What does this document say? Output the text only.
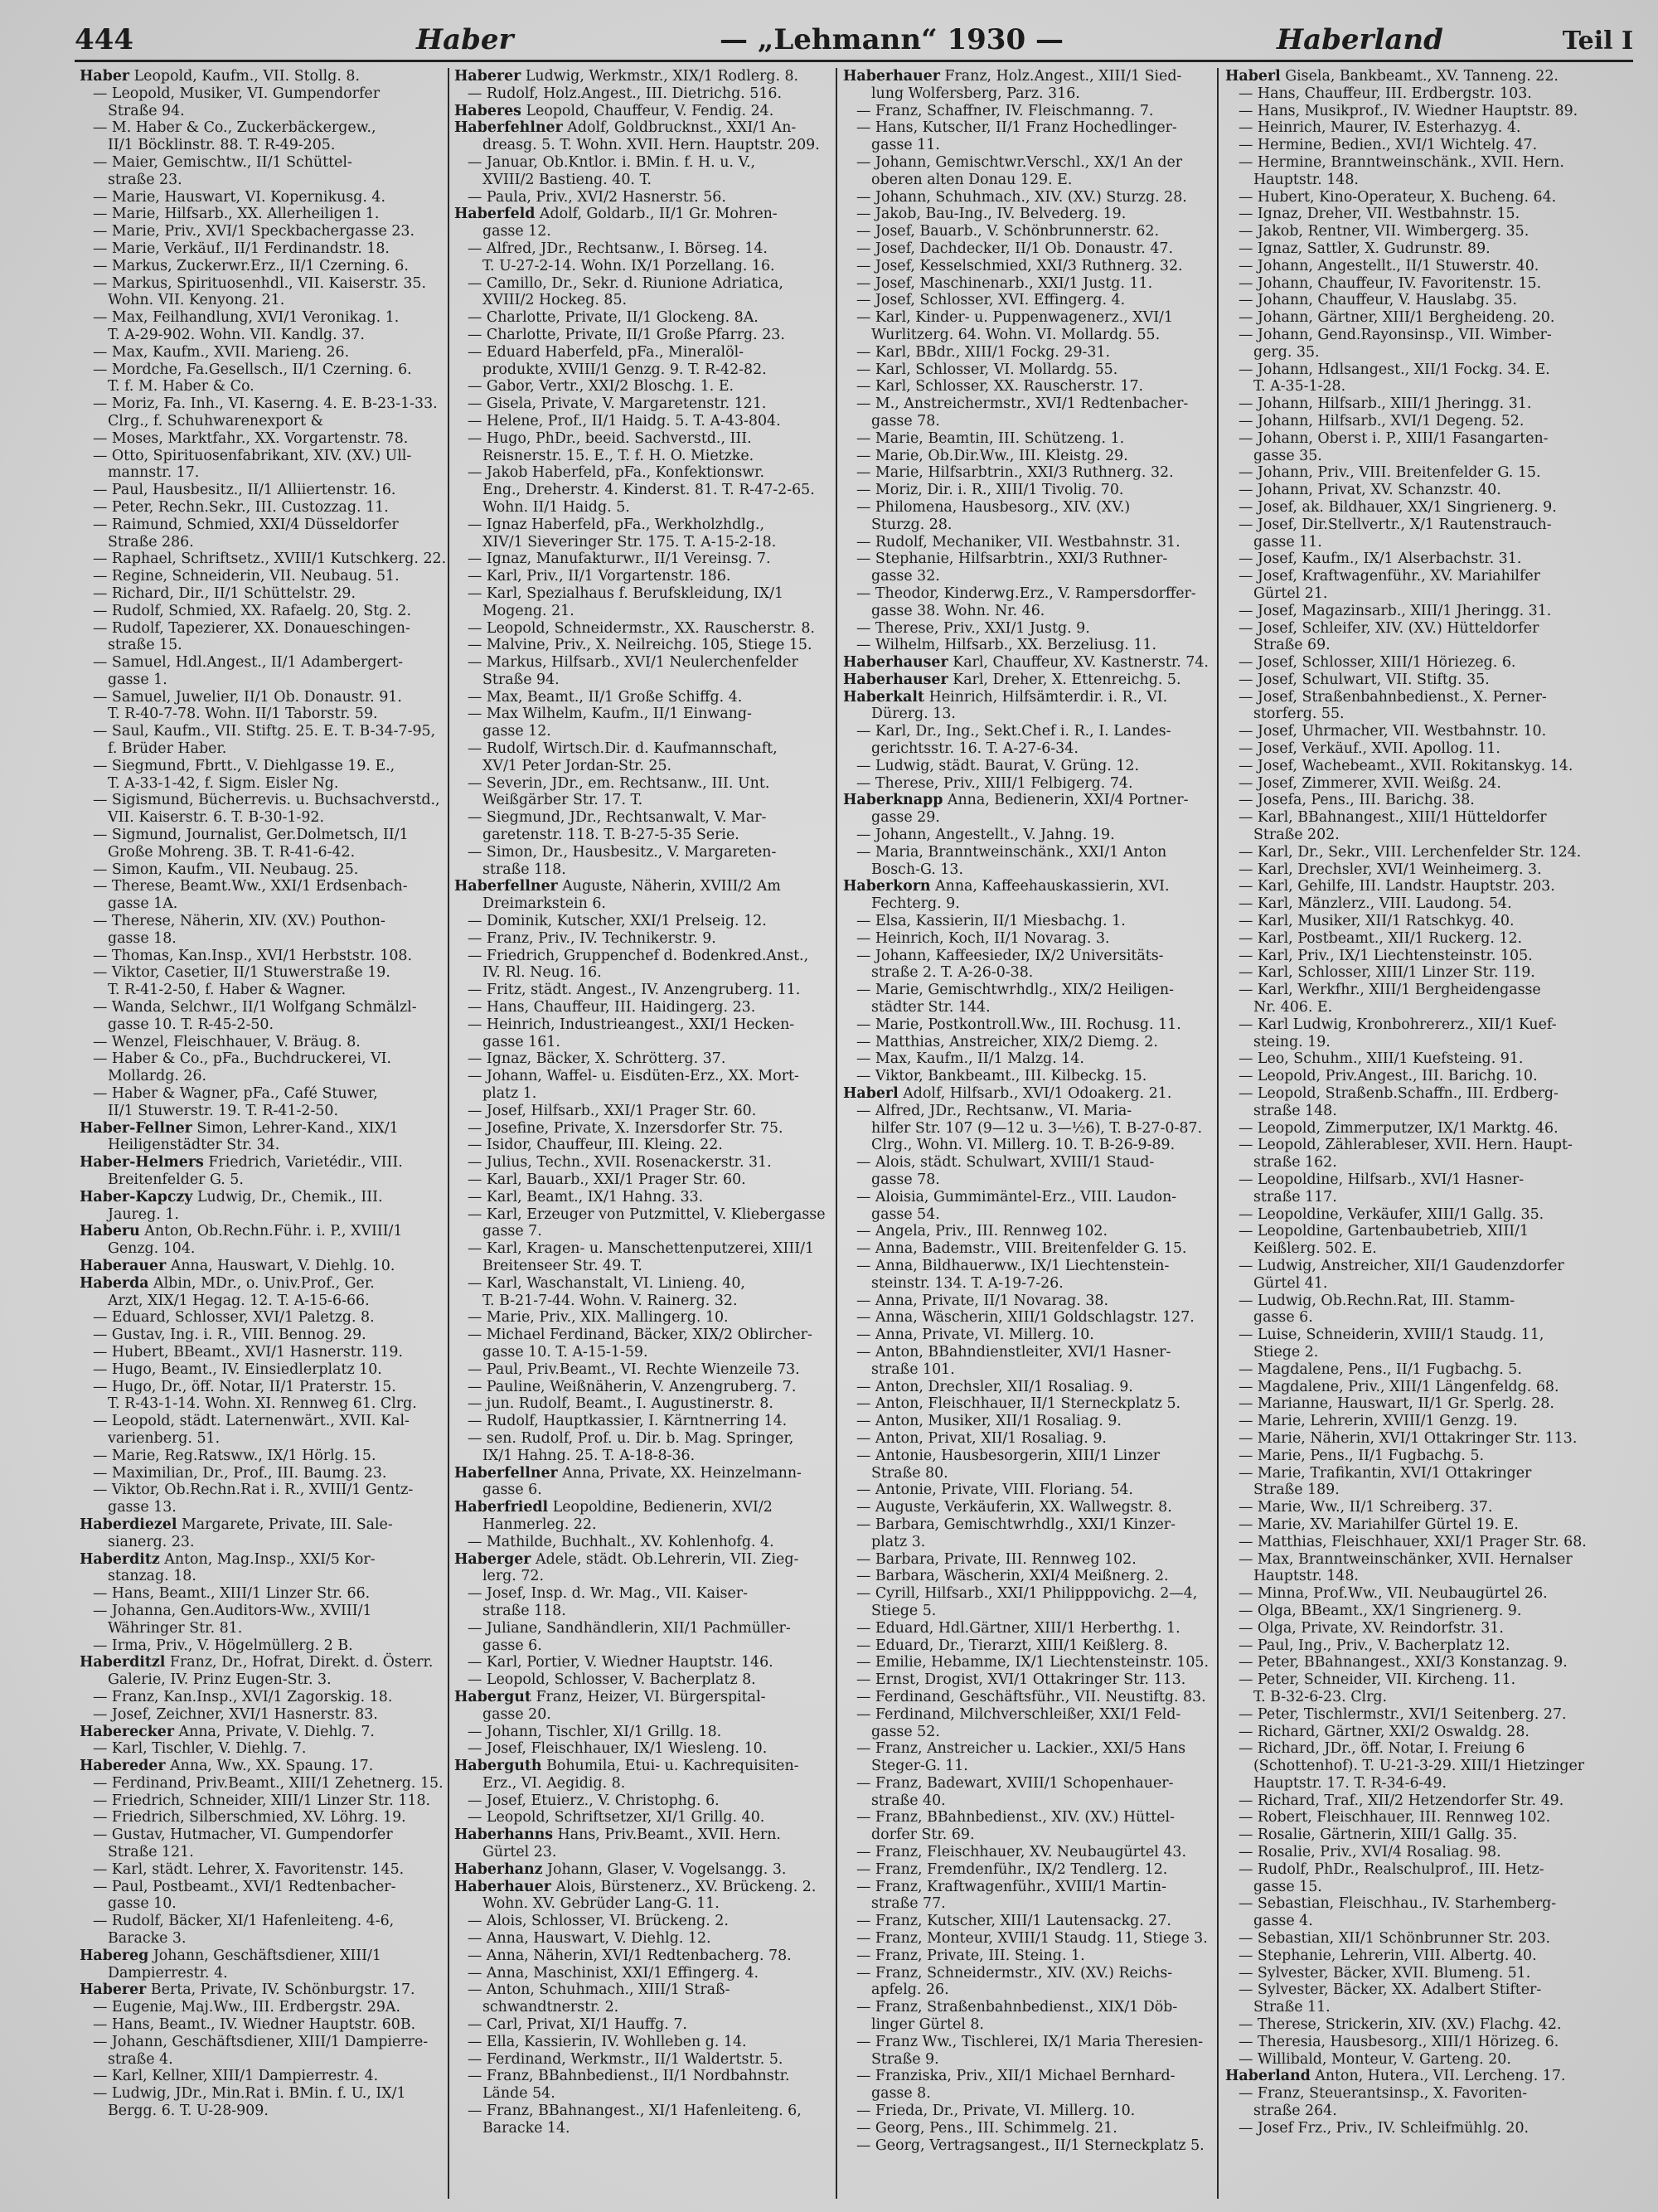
444	Haber	— „Lehmann“ 1930 —	Haberland	Teil I
Haber Leopold, Kaufm., VII. Stollg. 8.
— Leopold, Musiker, VI. Gumpendorfer
Straße 94.
— M. Haber & Co., Zuckerbäckergew.,
II/1 Böcklinstr. 88. T. R-49-205.
— Maier, Gemischtw., II/1 Schüttel-
straße 23.
— Marie, Hauswart, VI. Kopernikusg. 4.
— Marie, Hilfsarb., XX. Allerheiligen 1.
— Marie, Priv., XVI/1 Speckbachergasse 23.
— Marie, Verkäuf., II/1 Ferdinandstr. 18.
— Markus, Zuckerwr.Erz., II/1 Czerning. 6.
— Markus, Spirituosenhdl., VII. Kaiserstr. 35.
Wohn. VII. Kenyong. 21.
— Max, Feilhandlung, XVI/1 Veronikag. 1.
T. A-29-902. Wohn. VII. Kandlg. 37.
— Max, Kaufm., XVII. Marieng. 26.
— Mordche, Fa.Gesellsch., II/1 Czerning. 6.
T. f. M. Haber & Co.
— Moriz, Fa. Inh., VI. Kaserng. 4. E. B-23-1-33.
Clrg., f. Schuhwarenexport &
— Moses, Marktfahr., XX. Vorgartenstr. 78.
— Otto, Spirituosenfabrikant, XIV. (XV.) Ull-
mannstr. 17.
— Paul, Hausbesitz., II/1 Alliiertenstr. 16.
— Peter, Rechn.Sekr., III. Custozzag. 11.
— Raimund, Schmied, XXI/4 Düsseldorfer
Straße 286.
— Raphael, Schriftsetz., XVIII/1 Kutschkerg. 22.
— Regine, Schneiderin, VII. Neubaug. 51.
— Richard, Dir., II/1 Schüttelstr. 29.
— Rudolf, Schmied, XX. Rafaelg. 20, Stg. 2.
— Rudolf, Tapezierer, XX. Donaueschingen-
straße 15.
— Samuel, Hdl.Angest., II/1 Adambergert-
gasse 1.
— Samuel, Juwelier, II/1 Ob. Donaustr. 91.
T. R-40-7-78. Wohn. II/1 Taborstr. 59.
— Saul, Kaufm., VII. Stiftg. 25. E. T. B-34-7-95,
f. Brüder Haber.
— Siegmund, Fbrtt., V. Diehlgasse 19. E.,
T. A-33-1-42, f. Sigm. Eisler Ng.
— Sigismund, Bücherrevis. u. Buchsachverstd.,
VII. Kaiserstr. 6. T. B-30-1-92.
— Sigmund, Journalist, Ger.Dolmetsch, II/1
Große Mohreng. 3B. T. R-41-6-42.
— Simon, Kaufm., VII. Neubaug. 25.
— Therese, Beamt.Ww., XXI/1 Erdsenbach-
gasse 1A.
— Therese, Näherin, XIV. (XV.) Pouthon-
gasse 18.
— Thomas, Kan.Insp., XVI/1 Herbststr. 108.
— Viktor, Casetier, II/1 Stuwerstraße 19.
T. R-41-2-50, f. Haber & Wagner.
— Wanda, Selchwr., II/1 Wolfgang Schmälzl-
gasse 10. T. R-45-2-50.
— Wenzel, Fleischhauer, V. Bräug. 8.
— Haber & Co., pFa., Buchdruckerei, VI.
Mollardg. 26.
— Haber & Wagner, pFa., Café Stuwer,
II/1 Stuwerstr. 19. T. R-41-2-50.
Haber-Fellner Simon, Lehrer-Kand., XIX/1
Heiligenstädter Str. 34.
Haber-Helmers Friedrich, Varietédir., VIII.
Breitenfelder G. 5.
Haber-Kapczy Ludwig, Dr., Chemik., III.
Jaureg. 1.
Haberu Anton, Ob.Rechn.Führ. i. P., XVIII/1
Genzg. 104.
Haberauer Anna, Hauswart, V. Diehlg. 10.
Haberda Albin, MDr., o. Univ.Prof., Ger.
Arzt, XIX/1 Hegag. 12. T. A-15-6-66.
— Eduard, Schlosser, XVI/1 Paletzg. 8.
— Gustav, Ing. i. R., VIII. Bennog. 29.
— Hubert, BBeamt., XVI/1 Hasnerstr. 119.
— Hugo, Beamt., IV. Einsiedlerplatz 10.
— Hugo, Dr., öff. Notar, II/1 Praterstr. 15.
T. R-43-1-14. Wohn. XI. Rennweg 61. Clrg.
— Leopold, städt. Laternenwärt., XVII. Kal-
varienberg. 51.
— Marie, Reg.Ratsww., IX/1 Hörlg. 15.
— Maximilian, Dr., Prof., III. Baumg. 23.
— Viktor, Ob.Rechn.Rat i. R., XVIII/1 Gentz-
gasse 13.
Haberdiezel Margarete, Private, III. Sale-
sianerg. 23.
Haberditz Anton, Mag.Insp., XXI/5 Kor-
stanzag. 18.
— Hans, Beamt., XIII/1 Linzer Str. 66.
— Johanna, Gen.Auditors-Ww., XVIII/1
Währinger Str. 81.
— Irma, Priv., V. Högelmüllerg. 2 B.
Haberditzl Franz, Dr., Hofrat, Direkt. d. Österr.
Galerie, IV. Prinz Eugen-Str. 3.
— Franz, Kan.Insp., XVI/1 Zagorskig. 18.
— Josef, Zeichner, XVI/1 Hasnerstr. 83.
Haberecker Anna, Private, V. Diehlg. 7.
— Karl, Tischler, V. Diehlg. 7.
Habereder Anna, Ww., XX. Spaung. 17.
— Ferdinand, Priv.Beamt., XIII/1 Zehetnerg. 15.
— Friedrich, Schneider, XIII/1 Linzer Str. 118.
— Friedrich, Silberschmied, XV. Löhrg. 19.
— Gustav, Hutmacher, VI. Gumpendorfer
Straße 121.
— Karl, städt. Lehrer, X. Favoritenstr. 145.
— Paul, Postbeamt., XVI/1 Redtenbacher-
gasse 10.
— Rudolf, Bäcker, XI/1 Hafenleiteng. 4-6,
Baracke 3.
Habereg Johann, Geschäftsdiener, XIII/1
Dampierrestr. 4.
Haberer Berta, Private, IV. Schönburgstr. 17.
— Eugenie, Maj.Ww., III. Erdbergstr. 29A.
— Hans, Beamt., IV. Wiedner Hauptstr. 60B.
— Johann, Geschäftsdiener, XIII/1 Dampierre-
straße 4.
— Karl, Kellner, XIII/1 Dampierrestr. 4.
— Ludwig, JDr., Min.Rat i. BMin. f. U., IX/1
Bergg. 6. T. U-28-909.
Haberer Ludwig, Werkmstr., XIX/1 Rodlerg. 8.
— Rudolf, Holz.Angest., III. Dietrichg. 516.
Haberes Leopold, Chauffeur, V. Fendig. 24.
Haberfehlner Adolf, Goldbrucknst., XXI/1 An-
dreasg. 5. T. Wohn. XVII. Hern. Hauptstr. 209.
— Januar, Ob.Kntlor. i. BMin. f. H. u. V.,
XVIII/2 Bastieng. 40. T.
— Paula, Priv., XVI/2 Hasnerstr. 56.
Haberfeld Adolf, Goldarb., II/1 Gr. Mohren-
gasse 12.
— Alfred, JDr., Rechtsanw., I. Börseg. 14.
T. U-27-2-14. Wohn. IX/1 Porzellang. 16.
— Camillo, Dr., Sekr. d. Riunione Adriatica,
XVIII/2 Hockeg. 85.
— Charlotte, Private, II/1 Glockeng. 8A.
— Charlotte, Private, II/1 Große Pfarrg. 23.
— Eduard Haberfeld, pFa., Mineralöl-
produkte, XVIII/1 Genzg. 9. T. R-42-82.
— Gabor, Vertr., XXI/2 Bloschg. 1. E.
— Gisela, Private, V. Margaretenstr. 121.
— Helene, Prof., II/1 Haidg. 5. T. A-43-804.
— Hugo, PhDr., beeid. Sachverstd., III.
Reisnerstr. 15. E., T. f. H. O. Mietzke.
— Jakob Haberfeld, pFa., Konfektionswr.
Eng., Dreherstr. 4. Kinderst. 81. T. R-47-2-65.
Wohn. II/1 Haidg. 5.
— Ignaz Haberfeld, pFa., Werkholzhdlg.,
XIV/1 Sieveringer Str. 175. T. A-15-2-18.
— Ignaz, Manufakturwr., II/1 Vereinsg. 7.
— Karl, Priv., II/1 Vorgartenstr. 186.
— Karl, Spezialhaus f. Berufskleidung, IX/1
Mogeng. 21.
— Leopold, Schneidermstr., XX. Rauscherstr. 8.
— Malvine, Priv., X. Neilreichg. 105, Stiege 15.
— Markus, Hilfsarb., XVI/1 Neulerchenfelder
Straße 94.
— Max, Beamt., II/1 Große Schiffg. 4.
— Max Wilhelm, Kaufm., II/1 Einwang-
gasse 12.
— Rudolf, Wirtsch.Dir. d. Kaufmannschaft,
XV/1 Peter Jordan-Str. 25.
— Severin, JDr., em. Rechtsanw., III. Unt.
Weißgärber Str. 17. T.
— Siegmund, JDr., Rechtsanwalt, V. Mar-
garetenstr. 118. T. B-27-5-35 Serie.
— Simon, Dr., Hausbesitz., V. Margareten-
straße 118.
Haberfellner Auguste, Näherin, XVIII/2 Am
Dreimarkstein 6.
— Dominik, Kutscher, XXI/1 Prelseig. 12.
— Franz, Priv., IV. Technikerstr. 9.
— Friedrich, Gruppenchef d. Bodenkred.Anst.,
IV. Rl. Neug. 16.
— Fritz, städt. Angest., IV. Anzengruberg. 11.
— Hans, Chauffeur, III. Haidingerg. 23.
— Heinrich, Industrieangest., XXI/1 Hecken-
gasse 161.
— Ignaz, Bäcker, X. Schrötterg. 37.
— Johann, Waffel- u. Eisdüten-Erz., XX. Mort-
platz 1.
— Josef, Hilfsarb., XXI/1 Prager Str. 60.
— Josefine, Private, X. Inzersdorfer Str. 75.
— Isidor, Chauffeur, III. Kleing. 22.
— Julius, Techn., XVII. Rosenackerstr. 31.
— Karl, Bauarb., XXI/1 Prager Str. 60.
— Karl, Beamt., IX/1 Hahng. 33.
— Karl, Erzeuger von Putzmittel, V. Kliebergasse
gasse 7.
— Karl, Kragen- u. Manschettenputzerei, XIII/1
Breitenseer Str. 49. T.
— Karl, Waschanstalt, VI. Linieng. 40,
T. B-21-7-44. Wohn. V. Rainerg. 32.
— Marie, Priv., XIX. Mallingerg. 10.
— Michael Ferdinand, Bäcker, XIX/2 Oblircher-
gasse 10. T. A-15-1-59.
— Paul, Priv.Beamt., VI. Rechte Wienzeile 73.
— Pauline, Weißnäherin, V. Anzengruberg. 7.
— jun. Rudolf, Beamt., I. Augustinerstr. 8.
— Rudolf, Hauptkassier, I. Kärntnerring 14.
— sen. Rudolf, Prof. u. Dir. b. Mag. Springer,
IX/1 Hahng. 25. T. A-18-8-36.
Haberfellner Anna, Private, XX. Heinzelmann-
gasse 6.
Haberfriedl Leopoldine, Bedienerin, XVI/2
Hanmerleg. 22.
— Mathilde, Buchhalt., XV. Kohlenhofg. 4.
Haberger Adele, städt. Ob.Lehrerin, VII. Zieg-
lerg. 72.
— Josef, Insp. d. Wr. Mag., VII. Kaiser-
straße 118.
— Juliane, Sandhändlerin, XII/1 Pachmüller-
gasse 6.
— Karl, Portier, V. Wiedner Hauptstr. 146.
— Leopold, Schlosser, V. Bacherplatz 8.
Habergut Franz, Heizer, VI. Bürgerspital-
gasse 20.
— Johann, Tischler, XI/1 Grillg. 18.
— Josef, Fleischhauer, IX/1 Wiesleng. 10.
Haberguth Bohumila, Etui- u. Kachrequisiten-
Erz., VI. Aegidig. 8.
— Josef, Etuierz., V. Christophg. 6.
— Leopold, Schriftsetzer, XI/1 Grillg. 40.
Haberhanns Hans, Priv.Beamt., XVII. Hern.
Gürtel 23.
Haberhanz Johann, Glaser, V. Vogelsangg. 3.
Haberhauer Alois, Bürstenerz., XV. Brückeng. 2.
Wohn. XV. Gebrüder Lang-G. 11.
— Alois, Schlosser, VI. Brückeng. 2.
— Anna, Hauswart, V. Diehlg. 12.
— Anna, Näherin, XVI/1 Redtenbacherg. 78.
— Anna, Maschinist, XXI/1 Effingerg. 4.
— Anton, Schuhmach., XIII/1 Straß-
schwandtnerstr. 2.
— Carl, Privat, XI/1 Hauffg. 7.
— Ella, Kassierin, IV. Wohlleben g. 14.
— Ferdinand, Werkmstr., II/1 Waldertstr. 5.
— Franz, BBahnbedienst., II/1 Nordbahnstr.
Lände 54.
— Franz, BBahnangest., XI/1 Hafenleiteng. 6,
Baracke 14.
Haberhauer Franz, Holz.Angest., XIII/1 Sied-
lung Wolfersberg, Parz. 316.
— Franz, Schaffner, IV. Fleischmanng. 7.
— Hans, Kutscher, II/1 Franz Hochedlinger-
gasse 11.
— Johann, Gemischtwr.Verschl., XX/1 An der
oberen alten Donau 129. E.
— Johann, Schuhmach., XIV. (XV.) Sturzg. 28.
— Jakob, Bau-Ing., IV. Belvederg. 19.
— Josef, Bauarb., V. Schönbrunnerstr. 62.
— Josef, Dachdecker, II/1 Ob. Donaustr. 47.
— Josef, Kesselschmied, XXI/3 Ruthnerg. 32.
— Josef, Maschinenarb., XXI/1 Justg. 11.
— Josef, Schlosser, XVI. Effingerg. 4.
— Karl, Kinder- u. Puppenwagenerz., XVI/1
Wurlitzerg. 64. Wohn. VI. Mollardg. 55.
— Karl, BBdr., XIII/1 Fockg. 29-31.
— Karl, Schlosser, VI. Mollardg. 55.
— Karl, Schlosser, XX. Rauscherstr. 17.
— M., Anstreichermstr., XVI/1 Redtenbacher-
gasse 78.
— Marie, Beamtin, III. Schützeng. 1.
— Marie, Ob.Dir.Ww., III. Kleistg. 29.
— Marie, Hilfsarbtrin., XXI/3 Ruthnerg. 32.
— Moriz, Dir. i. R., XIII/1 Tivolig. 70.
— Philomena, Hausbesorg., XIV. (XV.)
Sturzg. 28.
— Rudolf, Mechaniker, VII. Westbahnstr. 31.
— Stephanie, Hilfsarbtrin., XXI/3 Ruthner-
gasse 32.
— Theodor, Kinderwg.Erz., V. Rampersdorffer-
gasse 38. Wohn. Nr. 46.
— Therese, Priv., XXI/1 Justg. 9.
— Wilhelm, Hilfsarb., XX. Berzeliusg. 11.
Haberhauser Karl, Chauffeur, XV. Kastnerstr. 74.
Haberhauser Karl, Dreher, X. Ettenreichg. 5.
Haberkalt Heinrich, Hilfsämterdir. i. R., VI.
Dürerg. 13.
— Karl, Dr., Ing., Sekt.Chef i. R., I. Landes-
gerichtsstr. 16. T. A-27-6-34.
— Ludwig, städt. Baurat, V. Grüng. 12.
— Therese, Priv., XIII/1 Felbigerg. 74.
Haberknapp Anna, Bedienerin, XXI/4 Portner-
gasse 29.
— Johann, Angestellt., V. Jahng. 19.
— Maria, Branntweinschänk., XXI/1 Anton
Bosch-G. 13.
Haberkorn Anna, Kaffeehauskassierin, XVI.
Fechterg. 9.
— Elsa, Kassierin, II/1 Miesbachg. 1.
— Heinrich, Koch, II/1 Novarag. 3.
— Johann, Kaffeesieder, IX/2 Universitäts-
straße 2. T. A-26-0-38.
— Marie, Gemischtwrhdlg., XIX/2 Heiligen-
städter Str. 144.
— Marie, Postkontroll.Ww., III. Rochusg. 11.
— Matthias, Anstreicher, XIX/2 Diemg. 2.
— Max, Kaufm., II/1 Malzg. 14.
— Viktor, Bankbeamt., III. Kilbeckg. 15.
Haberl Adolf, Hilfsarb., XVI/1 Odoakerg. 21.
— Alfred, JDr., Rechtsanw., VI. Maria-
hilfer Str. 107 (9—12 u. 3—½6), T. B-27-0-87.
Clrg., Wohn. VI. Millerg. 10. T. B-26-9-89.
— Alois, städt. Schulwart, XVIII/1 Staud-
gasse 78.
— Aloisia, Gummimäntel-Erz., VIII. Laudon-
gasse 54.
— Angela, Priv., III. Rennweg 102.
— Anna, Bademstr., VIII. Breitenfelder G. 15.
— Anna, Bildhauerww., IX/1 Liechtenstein-
steinstr. 134. T. A-19-7-26.
— Anna, Private, II/1 Novarag. 38.
— Anna, Wäscherin, XIII/1 Goldschlagstr. 127.
— Anna, Private, VI. Millerg. 10.
— Anton, BBahndienstleiter, XVI/1 Hasner-
straße 101.
— Anton, Drechsler, XII/1 Rosaliag. 9.
— Anton, Fleischhauer, II/1 Sterneckplatz 5.
— Anton, Musiker, XII/1 Rosaliag. 9.
— Anton, Privat, XII/1 Rosaliag. 9.
— Antonie, Hausbesorgerin, XIII/1 Linzer
Straße 80.
— Antonie, Private, VIII. Floriang. 54.
— Auguste, Verkäuferin, XX. Wallwegstr. 8.
— Barbara, Gemischtwrhdlg., XXI/1 Kinzer-
platz 3.
— Barbara, Private, III. Rennweg 102.
— Barbara, Wäscherin, XXI/4 Meißnerg. 2.
— Cyrill, Hilfsarb., XXI/1 Philipppovichg. 2—4,
Stiege 5.
— Eduard, Hdl.Gärtner, XIII/1 Herberthg. 1.
— Eduard, Dr., Tierarzt, XIII/1 Keißlerg. 8.
— Emilie, Hebamme, IX/1 Liechtensteinstr. 105.
— Ernst, Drogist, XVI/1 Ottakringer Str. 113.
— Ferdinand, Geschäftsführ., VII. Neustiftg. 83.
— Ferdinand, Milchverschleißer, XXI/1 Feld-
gasse 52.
— Franz, Anstreicher u. Lackier., XXI/5 Hans
Steger-G. 11.
— Franz, Badewart, XVIII/1 Schopenhauer-
straße 40.
— Franz, BBahnbedienst., XIV. (XV.) Hüttel-
dorfer Str. 69.
— Franz, Fleischhauer, XV. Neubaugürtel 43.
— Franz, Fremdenführ., IX/2 Tendlerg. 12.
— Franz, Kraftwagenführ., XVIII/1 Martin-
straße 77.
— Franz, Kutscher, XIII/1 Lautensackg. 27.
— Franz, Monteur, XVIII/1 Staudg. 11, Stiege 3.
— Franz, Private, III. Steing. 1.
— Franz, Schneidermstr., XIV. (XV.) Reichs-
apfelg. 26.
— Franz, Straßenbahnbedienst., XIX/1 Döb-
linger Gürtel 8.
— Franz Ww., Tischlerei, IX/1 Maria Theresien-
Straße 9.
— Franziska, Priv., XII/1 Michael Bernhard-
gasse 8.
— Frieda, Dr., Private, VI. Millerg. 10.
— Georg, Pens., III. Schimmelg. 21.
— Georg, Vertragsangest., II/1 Sterneckplatz 5.
Haberl Gisela, Bankbeamt., XV. Tanneng. 22.
— Hans, Chauffeur, III. Erdbergstr. 103.
— Hans, Musikprof., IV. Wiedner Hauptstr. 89.
— Heinrich, Maurer, IV. Esterhazyg. 4.
— Hermine, Bedien., XVI/1 Wichtelg. 47.
— Hermine, Branntweinschänk., XVII. Hern.
Hauptstr. 148.
— Hubert, Kino-Operateur, X. Bucheng. 64.
— Ignaz, Dreher, VII. Westbahnstr. 15.
— Jakob, Rentner, VII. Wimbergerg. 35.
— Ignaz, Sattler, X. Gudrunstr. 89.
— Johann, Angestellt., II/1 Stuwerstr. 40.
— Johann, Chauffeur, IV. Favoritenstr. 15.
— Johann, Chauffeur, V. Hauslabg. 35.
— Johann, Gärtner, XIII/1 Bergheideng. 20.
— Johann, Gend.Rayonsinsp., VII. Wimber-
gerg. 35.
— Johann, Hdlsangest., XII/1 Fockg. 34. E.
T. A-35-1-28.
— Johann, Hilfsarb., XIII/1 Jheringg. 31.
— Johann, Hilfsarb., XVI/1 Degeng. 52.
— Johann, Oberst i. P., XIII/1 Fasangarten-
gasse 35.
— Johann, Priv., VIII. Breitenfelder G. 15.
— Johann, Privat, XV. Schanzstr. 40.
— Josef, ak. Bildhauer, XX/1 Singrienerg. 9.
— Josef, Dir.Stellvertr., X/1 Rautenstrauch-
gasse 11.
— Josef, Kaufm., IX/1 Alserbachstr. 31.
— Josef, Kraftwagenführ., XV. Mariahilfer
Gürtel 21.
— Josef, Magazinsarb., XIII/1 Jheringg. 31.
— Josef, Schleifer, XIV. (XV.) Hütteldorfer
Straße 69.
— Josef, Schlosser, XIII/1 Höriezeg. 6.
— Josef, Schulwart, VII. Stiftg. 35.
— Josef, Straßenbahnbedienst., X. Perner-
storferg. 55.
— Josef, Uhrmacher, VII. Westbahnstr. 10.
— Josef, Verkäuf., XVII. Apollog. 11.
— Josef, Wachebeamt., XVII. Rokitanskyg. 14.
— Josef, Zimmerer, XVII. Weißg. 24.
— Josefa, Pens., III. Barichg. 38.
— Karl, BBahnangest., XIII/1 Hütteldorfer
Straße 202.
— Karl, Dr., Sekr., VIII. Lerchenfelder Str. 124.
— Karl, Drechsler, XVI/1 Weinheimerg. 3.
— Karl, Gehilfe, III. Landstr. Hauptstr. 203.
— Karl, Mänzlerz., VIII. Laudong. 54.
— Karl, Musiker, XII/1 Ratschkyg. 40.
— Karl, Postbeamt., XII/1 Ruckerg. 12.
— Karl, Priv., IX/1 Liechtensteinstr. 105.
— Karl, Schlosser, XIII/1 Linzer Str. 119.
— Karl, Werkfhr., XIII/1 Bergheidengasse
Nr. 406. E.
— Karl Ludwig, Kronbohrererz., XII/1 Kuef-
steing. 19.
— Leo, Schuhm., XIII/1 Kuefsteing. 91.
— Leopold, Priv.Angest., III. Barichg. 10.
— Leopold, Straßenb.Schaffn., III. Erdberg-
straße 148.
— Leopold, Zimmerputzer, IX/1 Marktg. 46.
— Leopold, Zählerableser, XVII. Hern. Haupt-
straße 162.
— Leopoldine, Hilfsarb., XVI/1 Hasner-
straße 117.
— Leopoldine, Verkäufer, XIII/1 Gallg. 35.
— Leopoldine, Gartenbaubetrieb, XIII/1
Keißlerg. 502. E.
— Ludwig, Anstreicher, XII/1 Gaudenzdorfer
Gürtel 41.
— Ludwig, Ob.Rechn.Rat, III. Stamm-
gasse 6.
— Luise, Schneiderin, XVIII/1 Staudg. 11,
Stiege 2.
— Magdalene, Pens., II/1 Fugbachg. 5.
— Magdalene, Priv., XIII/1 Längenfeldg. 68.
— Marianne, Hauswart, II/1 Gr. Sperlg. 28.
— Marie, Lehrerin, XVIII/1 Genzg. 19.
— Marie, Näherin, XVI/1 Ottakringer Str. 113.
— Marie, Pens., II/1 Fugbachg. 5.
— Marie, Trafikantin, XVI/1 Ottakringer
Straße 189.
— Marie, Ww., II/1 Schreiberg. 37.
— Marie, XV. Mariahilfer Gürtel 19. E.
— Matthias, Fleischhauer, XXI/1 Prager Str. 68.
— Max, Branntweinschänker, XVII. Hernalser
Hauptstr. 148.
— Minna, Prof.Ww., VII. Neubaugürtel 26.
— Olga, BBeamt., XX/1 Singrienerg. 9.
— Olga, Private, XV. Reindorfstr. 31.
— Paul, Ing., Priv., V. Bacherplatz 12.
— Peter, BBahnangest., XXI/3 Konstanzag. 9.
— Peter, Schneider, VII. Kircheng. 11.
T. B-32-6-23. Clrg.
— Peter, Tischlermstr., XVI/1 Seitenberg. 27.
— Richard, Gärtner, XXI/2 Oswaldg. 28.
— Richard, JDr., öff. Notar, I. Freiung 6
(Schottenhof). T. U-21-3-29. XIII/1 Hietzinger
Hauptstr. 17. T. R-34-6-49.
— Richard, Traf., XII/2 Hetzendorfer Str. 49.
— Robert, Fleischhauer, III. Rennweg 102.
— Rosalie, Gärtnerin, XIII/1 Gallg. 35.
— Rosalie, Priv., XVI/4 Rosaliag. 98.
— Rudolf, PhDr., Realschulprof., III. Hetz-
gasse 15.
— Sebastian, Fleischhau., IV. Starhemberg-
gasse 4.
— Sebastian, XII/1 Schönbrunner Str. 203.
— Stephanie, Lehrerin, VIII. Albertg. 40.
— Sylvester, Bäcker, XVII. Blumeng. 51.
— Sylvester, Bäcker, XX. Adalbert Stifter-
Straße 11.
— Therese, Strickerin, XIV. (XV.) Flachg. 42.
— Theresia, Hausbesorg., XIII/1 Hörizeg. 6.
— Willibald, Monteur, V. Garteng. 20.
Haberland Anton, Hutera., VII. Lercheng. 17.
— Franz, Steuerantsinsp., X. Favoriten-
straße 264.
— Josef Frz., Priv., IV. Schleifmühlg. 20.
